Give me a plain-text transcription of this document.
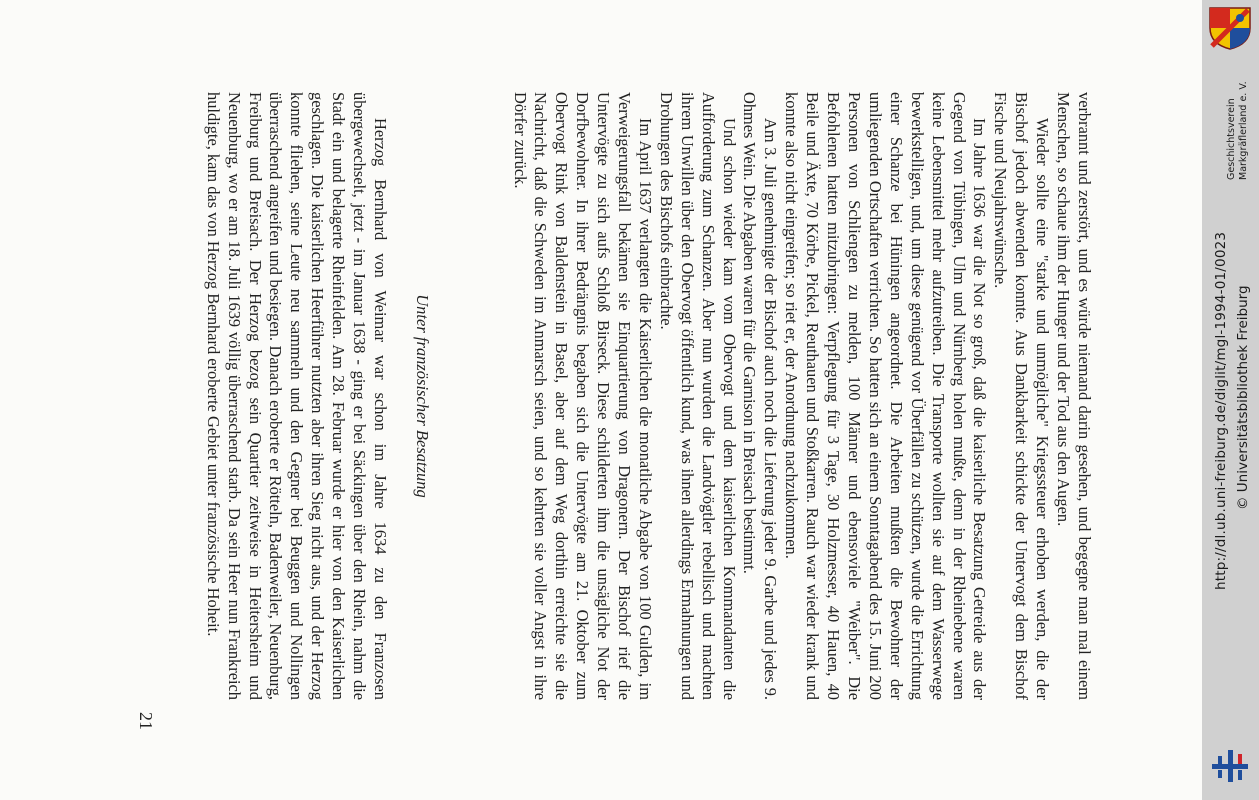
verbrannt und zerstört, und es würde niemand darin gesehen, und begegne man mal einem Menschen, so schaue ihm der Hunger und der Tod aus den Augen.

Wieder sollte eine "starke und unmögliche" Kriegssteuer erhoben werden, die der Bischof jedoch abwenden konnte. Aus Dankbarkeit schickte der Untervogt dem Bischof Fische und Neujahrswünsche.

Im Jahre 1636 war die Not so groß, daß die kaiserliche Besatzung Getreide aus der Gegend von Tübingen, Ulm und Nürnberg holen mußte, denn in der Rheinebene waren keine Lebensmittel mehr aufzutreiben. Die Transporte wollten sie auf dem Wasserwege bewerkstelligen, und, um diese genügend vor Überfällen zu schützen, wurde die Errichtung einer Schanze bei Hüningen angeordnet. Die Arbeiten mußten die Bewohner der umliegenden Ortschaften verrichten. So hatten sich an einem Sonntagabend des 15. Juni 200 Personen von Schliengen zu melden, 100 Männer und ebensoviele "Weiber". Die Befohlenen hatten mitzubringen: Verpflegung für 3 Tage, 30 Holzmesser, 40 Hauen, 40 Beile und Äxte, 70 Körbe, Pickel, Reuthauen und Stoßkarren. Rauch war wieder krank und konnte also nicht eingreifen; so riet er, der Anordnung nachzukommen.

Am 3. Juli genehmigte der Bischof auch noch die Lieferung jeder 9. Garbe und jedes 9. Ohmes Wein. Die Abgaben waren für die Garnison in Breisach bestimmt.

Und schon wieder kam vom Obervogt und dem kaiserlichen Kommandanten die Aufforderung zum Schanzen. Aber nun wurden die Landvögtler rebellisch und machten ihrem Unwillen über den Obervogt öffentlich kund, was ihnen allerdings Ermahnungen und Drohungen des Bischofs einbrachte.

Im April 1637 verlangten die Kaiserlichen die monatliche Abgabe von 100 Gulden, im Verweigerungsfall bekämen sie Einquartierung von Dragonern. Der Bischof rief die Untervögte zu sich aufs Schloß Birseck. Diese schilderten ihm die unsägliche Not der Dorfbewohner. In ihrer Bedrängnis begaben sich die Untervögte am 21. Oktober zum Obervogt Rink von Baldenstein in Basel, aber auf dem Weg dorthin erreichte sie die Nachricht, daß die Schweden im Anmarsch seien, und so kehrten sie voller Angst in ihre Dörfer zurück.

Unter französischer Besatzung

Herzog Bernhard von Weimar war schon im Jahre 1634 zu den Franzosen übergewechselt, jetzt - im Januar 1638 - ging er bei Säckingen über den Rhein, nahm die Stadt ein und belagerte Rheinfelden. Am 28. Februar wurde er hier von den Kaiserlichen geschlagen. Die kaiserlichen Heerführer nutzten aber ihren Sieg nicht aus, und der Herzog konnte fliehen, seine Leute neu sammeln und den Gegner bei Beuggen und Nollingen überraschend angreifen und besiegen. Danach eroberte er Rötteln, Badenweiler, Neuenburg, Freiburg und Breisach. Der Herzog bezog sein Quartier zeitweise in Heitersheim und Neuenburg, wo er am 18. Juli 1639 völlig überraschend starb. Da sein Heer nun Frankreich huldigte, kam das von Herzog Bernhard eroberte Gebiet unter französische Hoheit.

21
Geschichtsverein Markgräflerland e. V.
http://dl.ub.uni-freiburg.de/diglit/mgl-1994-01/0023 © Universitätsbibliothek Freiburg
